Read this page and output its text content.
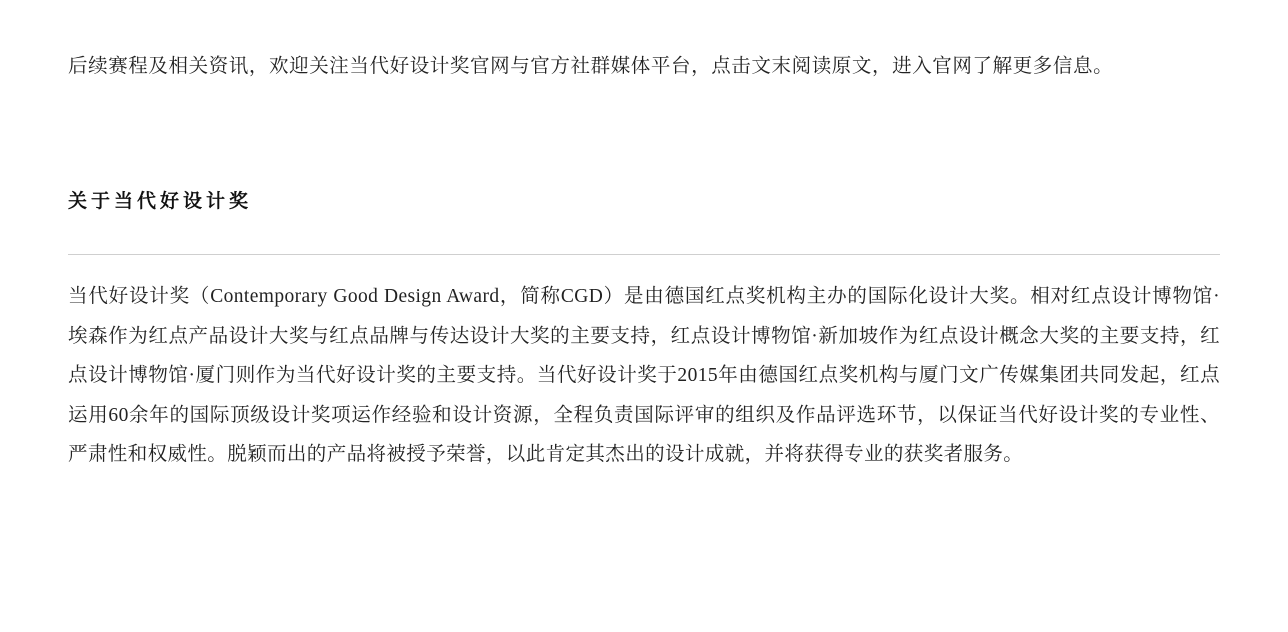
后续赛程及相关资讯，欢迎关注当代好设计奖官网与官方社群媒体平台，点击文末阅读原文，进入官网了解更多信息。

关于当代好设计奖

当代好设计奖（Contemporary Good Design Award，简称CGD）是由德国红点奖机构主办的国际化设计大奖。相对红点设计博物馆·埃森作为红点产品设计大奖与红点品牌与传达设计大奖的主要支持，红点设计博物馆·新加坡作为红点设计概念大奖的主要支持，红点设计博物馆·厦门则作为当代好设计奖的主要支持。当代好设计奖于2015年由德国红点奖机构与厦门文广传媒集团共同发起，红点运用60余年的国际顶级设计奖项运作经验和设计资源，全程负责国际评审的组织及作品评选环节，以保证当代好设计奖的专业性、严肃性和权威性。脱颖而出的产品将被授予荣誉，以此肯定其杰出的设计成就，并将获得专业的获奖者服务。
